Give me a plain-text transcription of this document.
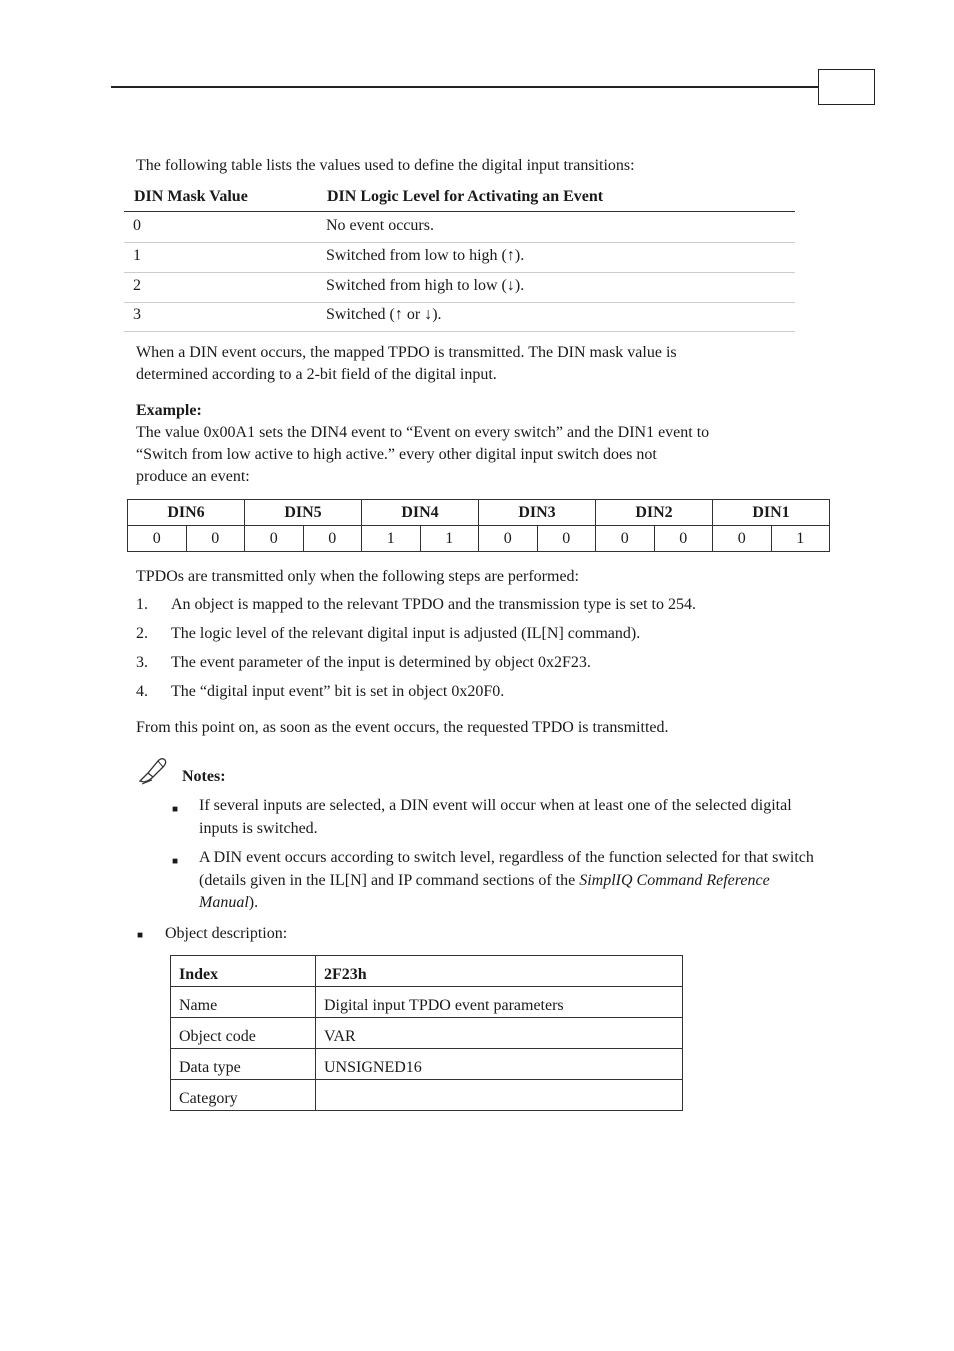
The following table lists the values used to define the digital input transitions:

DIN Mask Value	DIN Logic Level for Activating an Event
0	No event occurs.
1	Switched from low to high (↑).
2	Switched from high to low (↓).
3	Switched (↑ or ↓).

When a DIN event occurs, the mapped TPDO is transmitted. The DIN mask value is

determined according to a 2-bit field of the digital input.

Example:

The value 0x00A1 sets the DIN4 event to “Event on every switch” and the DIN1 event to

“Switch from low active to high active.” every other digital input switch does not

produce an event:

DIN6		DIN5		DIN4		DIN3		DIN2		DIN1	
0	0	0	0	1	1	0	0	0	0	0	1

TPDOs are transmitted only when the following steps are performed:

1. An object is mapped to the relevant TPDO and the transmission type is set to 254.
2. The logic level of the relevant digital input is adjusted (IL[N] command).
3. The event parameter of the input is determined by object 0x2F23.
4. The “digital input event” bit is set in object 0x20F0.

From this point on, as soon as the event occurs, the requested TPDO is transmitted.

Notes:

■ If several inputs are selected, a DIN event will occur when at least one of the selected digital inputs is switched.
■ A DIN event occurs according to switch level, regardless of the function selected for that switch (details given in the IL[N] and IP command sections of the SimplIQ Command Reference Manual).
■ Object description:

Index	2F23h
Name	Digital input TPDO event parameters
Object code	VAR
Data type	UNSIGNED16
Category	
